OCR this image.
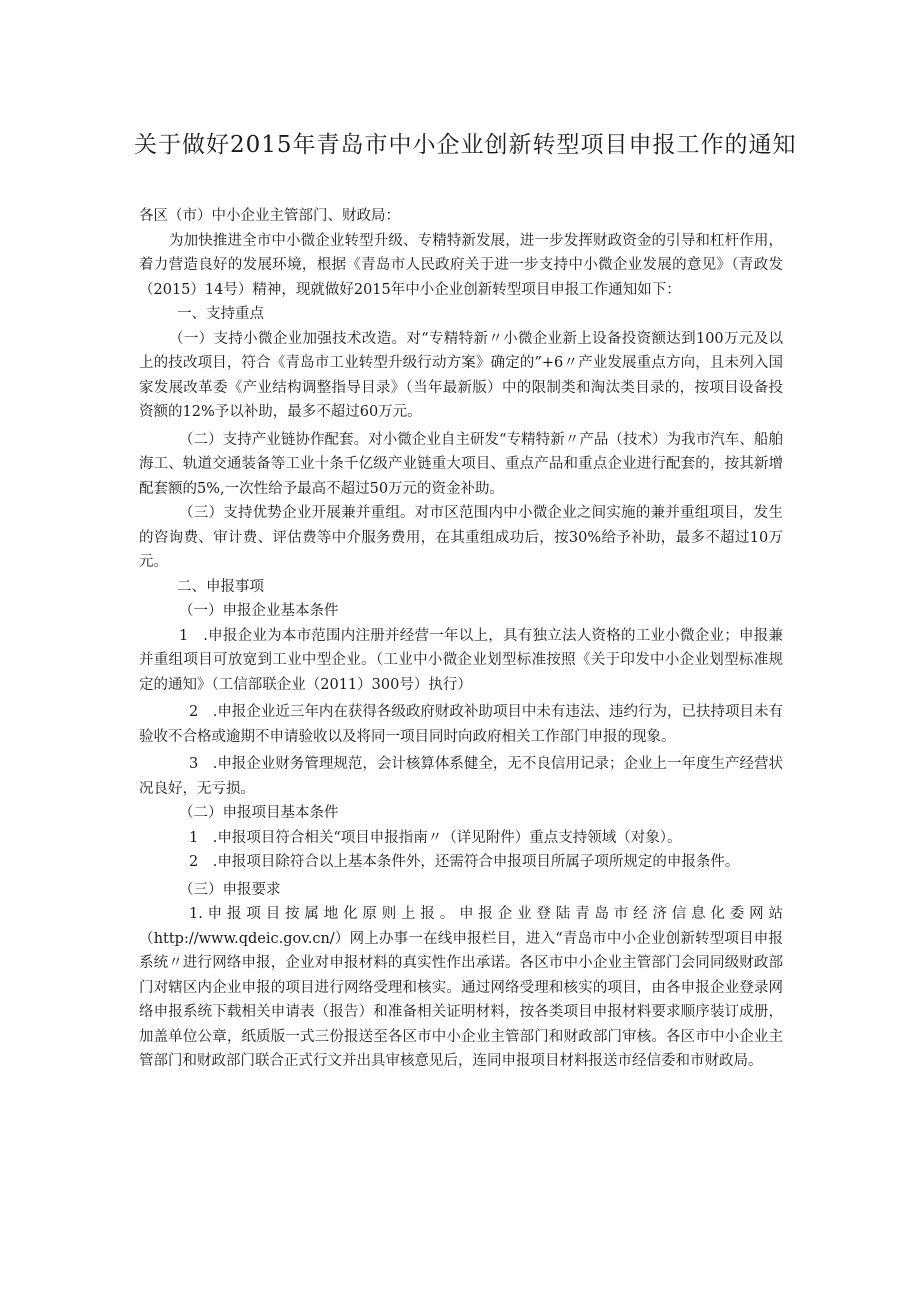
关于做好2015年青岛市中小企业创新转型项目申报工作的通知

各区（市）中小企业主管部门、财政局：

为加快推进全市中小微企业转型升级、专精特新发展，进一步发挥财政资金的引导和杠杆作用，着力营造良好的发展环境，根据《青岛市人民政府关于进一步支持中小微企业发展的意见》（青政发（2015）14号）精神，现就做好2015年中小企业创新转型项目申报工作通知如下：

一、支持重点

（一）支持小微企业加强技术改造。对“专精特新〃小微企业新上设备投资额达到100万元及以上的技改项目，符合《青岛市工业转型升级行动方案》确定的”+6〃产业发展重点方向，且未列入国家发展改革委《产业结构调整指导目录》（当年最新版）中的限制类和淘汰类目录的，按项目设备投资额的12%予以补助，最多不超过60万元。

（二）支持产业链协作配套。对小微企业自主研发“专精特新〃产品（技术）为我市汽车、船舶海工、轨道交通装备等工业十条千亿级产业链重大项目、重点产品和重点企业进行配套的，按其新增配套额的5%,一次性给予最高不超过50万元的资金补助。

（三）支持优势企业开展兼并重组。对市区范围内中小微企业之间实施的兼并重组项目，发生的咨询费、审计费、评估费等中介服务费用，在其重组成功后，按30%给予补助，最多不超过10万元。

二、申报事项

（一）申报企业基本条件

1　.申报企业为本市范围内注册并经营一年以上，具有独立法人资格的工业小微企业；申报兼并重组项目可放宽到工业中型企业。（工业中小微企业划型标准按照《关于印发中小企业划型标准规定的通知》（工信部联企业（2011）300号）执行）

2　.申报企业近三年内在获得各级政府财政补助项目中未有违法、违约行为，已扶持项目未有验收不合格或逾期不申请验收以及将同一项目同时向政府相关工作部门申报的现象。

3　.申报企业财务管理规范，会计核算体系健全，无不良信用记录；企业上一年度生产经营状况良好，无亏损。

（二）申报项目基本条件

1　.申报项目符合相关“项目申报指南〃（详见附件）重点支持领域（对象）。

2　.申报项目除符合以上基本条件外，还需符合申报项目所属子项所规定的申报条件。

（三）申报要求

1.申报项目按属地化原则上报。申报企业登陆青岛市经济信息化委网站（http://www.qdeic.gov.cn/）网上办事一在线申报栏目，进入“青岛市中小企业创新转型项目申报系统〃进行网络申报，企业对申报材料的真实性作出承诺。各区市中小企业主管部门会同同级财政部门对辖区内企业申报的项目进行网络受理和核实。通过网络受理和核实的项目，由各申报企业登录网络申报系统下载相关申请表（报告）和准备相关证明材料，按各类项目申报材料要求顺序装订成册，加盖单位公章，纸质版一式三份报送至各区市中小企业主管部门和财政部门审核。各区市中小企业主管部门和财政部门联合正式行文并出具审核意见后，连同申报项目材料报送市经信委和市财政局。
